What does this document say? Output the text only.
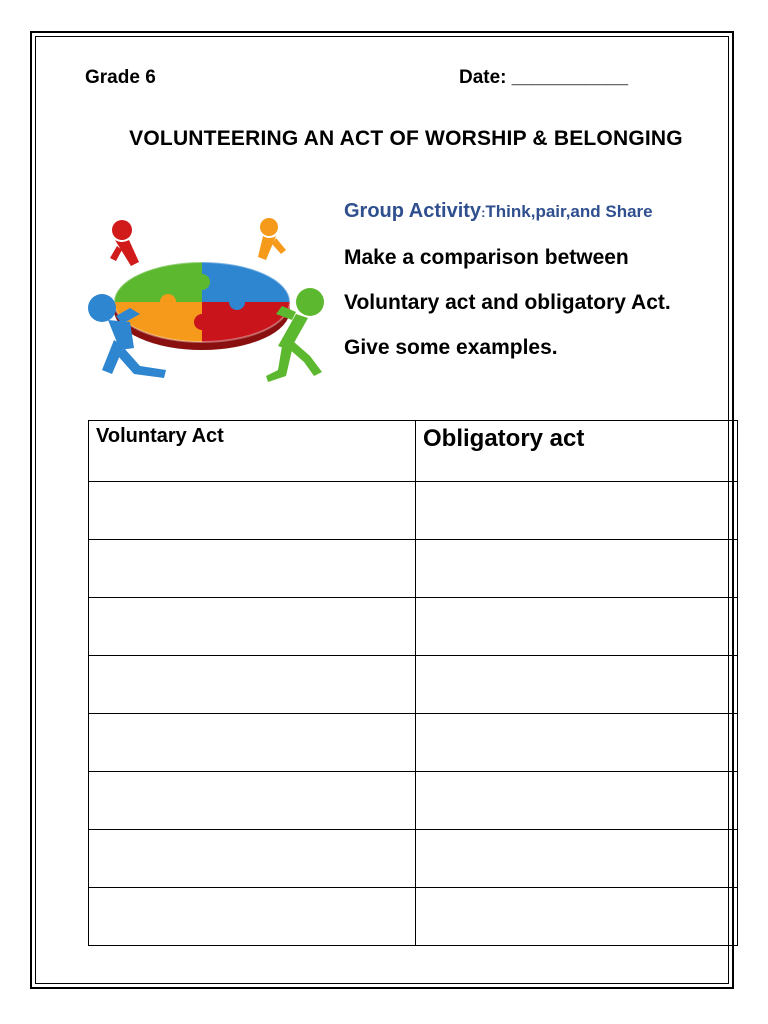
Grade 6	Date: ___________
VOLUNTEERING AN ACT OF WORSHIP & BELONGING
Group Activity:Think,pair,and Share
Make a comparison between
Voluntary act and obligatory Act.
Give some examples.
Voluntary Act	Obligatory act
